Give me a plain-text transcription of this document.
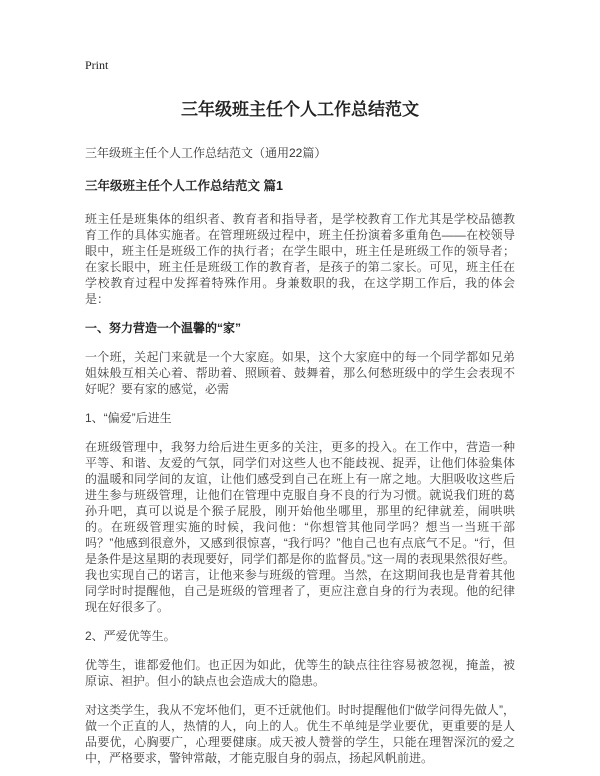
Print
三年级班主任个人工作总结范文

三年级班主任个人工作总结范文（通用22篇）

三年级班主任个人工作总结范文 篇1

班主任是班集体的组织者、教育者和指导者，是学校教育工作尤其是学校品德教育工作的具体实施者。在管理班级过程中，班主任扮演着多重角色——在校领导眼中，班主任是班级工作的执行者；在学生眼中，班主任是班级工作的领导者；在家长眼中，班主任是班级工作的教育者，是孩子的第二家长。可见，班主任在学校教育过程中发挥着特殊作用。身兼数职的我，在这学期工作后，我的体会是：

一、努力营造一个温馨的“家”

一个班，关起门来就是一个大家庭。如果，这个大家庭中的每一个同学都如兄弟姐妹般互相关心着、帮助着、照顾着、鼓舞着，那么何愁班级中的学生会表现不好呢？要有家的感觉，必需

1、“偏爱”后进生

在班级管理中，我努力给后进生更多的关注，更多的投入。在工作中，营造一种平等、和谐、友爱的气氛，同学们对这些人也不能歧视、捉弄，让他们体验集体的温暖和同学间的友谊，让他们感受到自己在班上有一席之地。大胆吸收这些后进生参与班级管理，让他们在管理中克服自身不良的行为习惯。就说我们班的葛孙升吧，真可以说是个猴子屁股，刚开始他坐哪里，那里的纪律就差，闹哄哄的。在班级管理实施的时候，我问他：“你想管其他同学吗？想当一当班干部吗？”他感到很意外，又感到很惊喜，“我行吗？”他自己也有点底气不足。“行，但是条件是这星期的表现要好，同学们都是你的监督员。”这一周的表现果然很好些。我也实现自己的诺言，让他来参与班级的管理。当然，在这期间我也是背着其他同学时时提醒他，自己是班级的管理者了，更应注意自身的行为表现。他的纪律现在好很多了。

2、严爱优等生。

优等生，谁都爱他们。也正因为如此，优等生的缺点往往容易被忽视，掩盖，被原谅、袒护。但小的缺点也会造成大的隐患。

对这类学生，我从不宠坏他们，更不迁就他们。时时提醒他们“做学问得先做人”，做一个正直的人，热情的人，向上的人。优生不单纯是学业要优，更重要的是人品要优，心胸要广，心理要健康。成天被人赞誉的学生，只能在理智深沉的爱之中，严格要求，警钟常敲，才能克服自身的弱点，扬起风帆前进。
